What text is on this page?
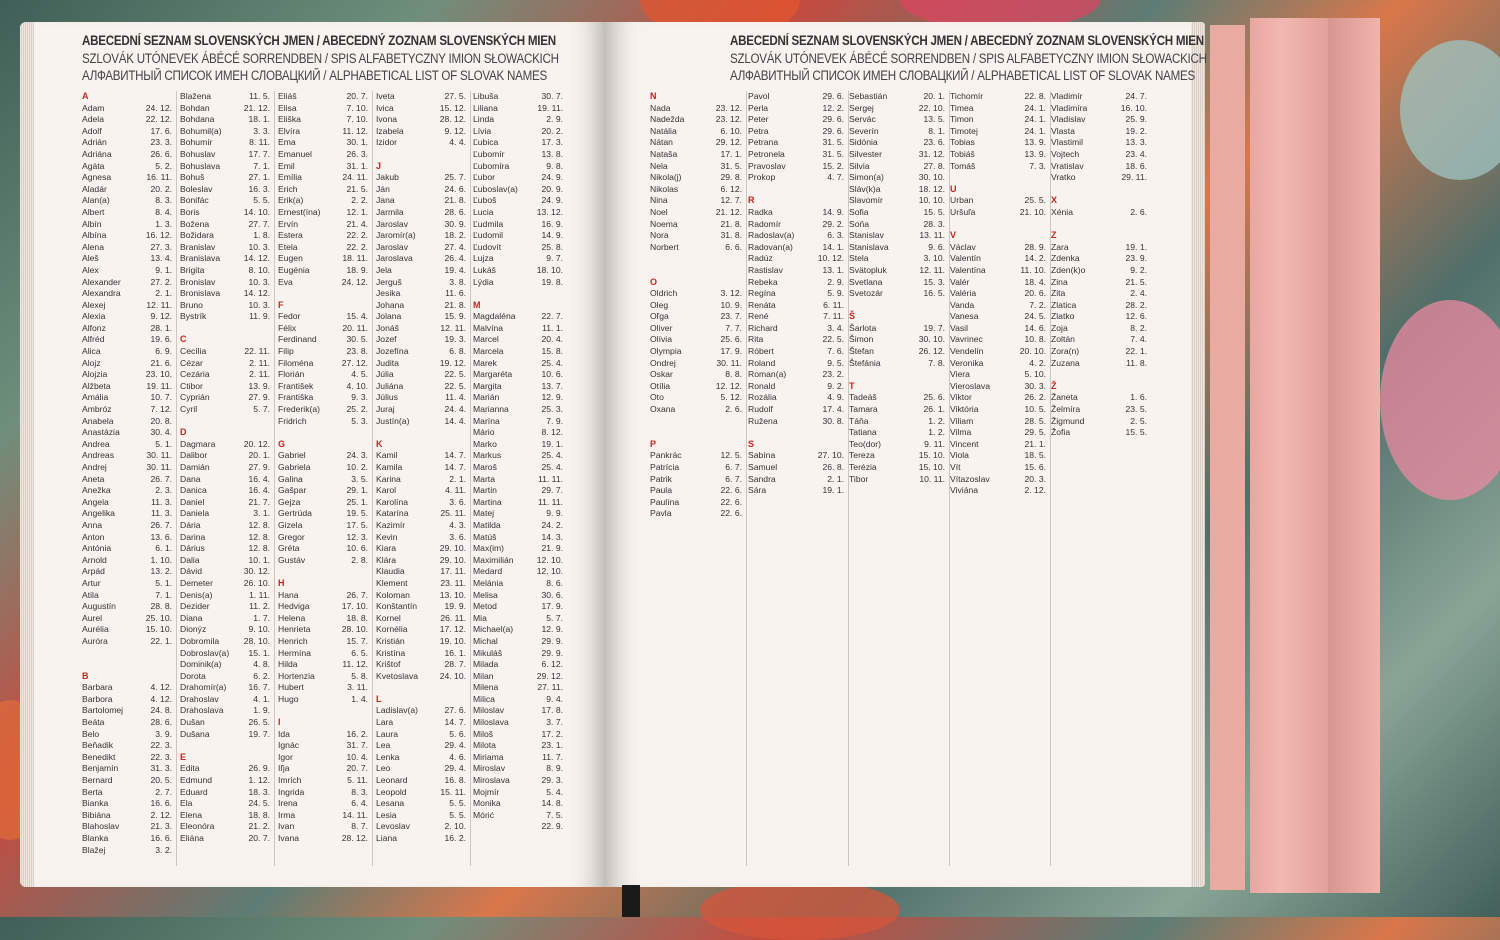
ABECEDNÍ SEZNAM SLOVENSKÝCH JMEN / ABECEDNÝ ZOZNAM SLOVENSKÝCH MIEN
SZLOVÁK UTÓNEVEK ÁBÉCÉ SORRENDBEN / SPIS ALFABETYCZNY IMION SŁOWACKICH
АЛФАВИТНЫЙ СПИСОК ИМЕН СЛОВАЦКИЙ / ALPHABETICAL LIST OF SLOVAK NAMES
ABECEDNÍ SEZNAM SLOVENSKÝCH JMEN / ABECEDNÝ ZOZNAM SLOVENSKÝCH MIEN
SZLOVÁK UTÓNEVEK ÁBÉCÉ SORRENDBEN / SPIS ALFABETYCZNY IMION SŁOWACKICH
АЛФАВИТНЫЙ СПИСОК ИМЕН СЛОВАЦКИЙ / ALPHABETICAL LIST OF SLOVAK NAMES
A
Adam	24. 12.
Adela	22. 12.
Adolf	17. 6.
Adrián	23. 3.
Adriána	26. 6.
Agáta	5. 2.
Agnesa	16. 11.
Aladár	20. 2.
Alan(a)	8. 3.
Albert	8. 4.
Albín	1. 3.
Albína	16. 12.
Alena	27. 3.
Aleš	13. 4.
Alex	9. 1.
Alexander	27. 2.
Alexandra	2. 1.
Alexej	12. 11.
Alexia	9. 12.
Alfonz	28. 1.
Alfréd	19. 6.
Alica	6. 9.
Alojz	21. 6.
Alojzia	23. 10.
Alžbeta	19. 11.
Amália	10. 7.
Ambróz	7. 12.
Anabela	20. 8.
Anastázia	30. 4.
Andrea	5. 1.
Andreas	30. 11.
Andrej	30. 11.
Aneta	26. 7.
Anežka	2. 3.
Angela	11. 3.
Angelika	11. 3.
Anna	26. 7.
Anton	13. 6.
Antónia	6. 1.
Arnold	1. 10.
Arpád	13. 2.
Artur	5. 1.
Atila	7. 1.
Augustín	28. 8.
Aurel	25. 10.
Aurélia	15. 10.
Auróra	22. 1.
B
Barbara	4. 12.
Barbora	4. 12.
Bartolomej	24. 8.
Beáta	28. 6.
Belo	3. 9.
Beňadik	22. 3.
Benedikt	22. 3.
Benjamín	31. 3.
Bernard	20. 5.
Berta	2. 7.
Bianka	16. 6.
Bibiána	2. 12.
Blahoslav	21. 3.
Blanka	16. 6.
Blažej	3. 2.
Blažena	11. 5.
Bohdan	21. 12.
Bohdana	18. 1.
Bohumil(a)	3. 3.
Bohumír	8. 11.
Bohuslav	17. 7.
Bohuslava	7. 1.
Bohuš	27. 1.
Boleslav	16. 3.
Bonifác	5. 5.
Boris	14. 10.
Božena	27. 7.
Božidara	1. 8.
Branislav	10. 3.
Branislava	14. 12.
Brigita	8. 10.
Bronislav	10. 3.
Bronislava	14. 12.
Bruno	10. 3.
Bystrík	11. 9.
C
Cecília	22. 11.
Cézar	2. 11.
Cezária	2. 11.
Ctibor	13. 9.
Cyprián	27. 9.
Cyril	5. 7.
D
Dagmara	20. 12.
Dalibor	20. 1.
Damián	27. 9.
Dana	16. 4.
Danica	16. 4.
Daniel	21. 7.
Daniela	3. 1.
Dária	12. 8.
Darina	12. 8.
Dárius	12. 8.
Dalia	10. 1.
Dávid	30. 12.
Demeter	26. 10.
Denis(a)	1. 11.
Dezider	11. 2.
Diana	1. 7.
Dionýz	9. 10.
Dobromila	28. 10.
Dobroslav(a) 15. 1.
Dominik(a)	4. 8.
Dorota	6. 2.
Drahomír(a)	16. 7.
Drahoslav	4. 1.
Drahoslava	1. 9.
Dušan	26. 5.
Dušana	19. 7.
E
Edita	26. 9.
Edmund	1. 12.
Eduard	18. 3.
Ela	24. 5.
Elena	18. 8.
Eleonóra	21. 2.
Eliána	20. 7.
Eliáš	20. 7.
Elisa	7. 10.
Eliška	7. 10.
Elvíra	11. 12.
Ema	30. 1.
Emanuel	26. 3.
Emil	31. 1.
Emília	24. 11.
Erich	21. 5.
Erik(a)	2. 2.
Ernest(ína)	12. 1.
Ervín	21. 4.
Estera	22. 2.
Etela	22. 2.
Eugen	18. 11.
Eugénia	18. 9.
Eva	24. 12.
F
Fedor	15. 4.
Félix	20. 11.
Ferdinand	30. 5.
Filip	23. 8.
Filoména	27. 12.
Florián	4. 5.
František	4. 10.
Františka	9. 3.
Frederik(a)	25. 2.
Fridrich	5. 3.
G
Gabriel	24. 3.
Gabriela	10. 2.
Galina	3. 5.
Gašpar	29. 1.
Gejza	25. 1.
Gertrúda	19. 5.
Gizela	17. 5.
Gregor	12. 3.
Gréta	10. 6.
Gustáv	2. 8.
H
Hana	26. 7.
Hedviga	17. 10.
Helena	18. 8.
Henrieta	28. 10.
Henrich	15. 7.
Hermína	6. 5.
Hilda	11. 12.
Hortenzia	5. 8.
Hubert	3. 11.
Hugo	1. 4.
I
Ida	16. 2.
Ignác	31. 7.
Igor	10. 4.
Iľja	20. 7.
Imrich	5. 11.
Ingrida	8. 3.
Irena	6. 4.
Irma	14. 11.
Ivan	8. 7.
Ivana	28. 12.
Iveta	27. 5.
Ivica	15. 12.
Ivona	28. 12.
Izabela	9. 12.
Izidor	4. 4.
J
Jakub	25. 7.
Ján	24. 6.
Jana	21. 8.
Jarmila	28. 6.
Jaroslav	30. 9.
Jaromír(a)	18. 2.
Jaroslav	27. 4.
Jaroslava	26. 4.
Jela	19. 4.
Jerguš	3. 8.
Jesika	11. 6.
Johana	21. 8.
Jolana	15. 9.
Jonáš	12. 11.
Jozef	19. 3.
Jozefína	6. 8.
Judita	19. 12.
Júlia	22. 5.
Juliána	22. 5.
Július	11. 4.
Juraj	24. 4.
Justín(a)	14. 4.
K
Kamil	14. 7.
Kamila	14. 7.
Karina	2. 1.
Karol	4. 11.
Karolína	3. 6.
Katarína	25. 11.
Kazimír	4. 3.
Kevin	3. 6.
Kiara	29. 10.
Klára	29. 10.
Klaudia	17. 11.
Klement	23. 11.
Koloman	13. 10.
Konštantín	19. 9.
Kornel	26. 11.
Kornélia	17. 12.
Kristián	19. 10.
Kristína	16. 1.
Krištof	28. 7.
Kvetoslava	24. 10.
L
Ladislav(a)	27. 6.
Lara	14. 7.
Laura	5. 6.
Lea	29. 4.
Lenka	4. 6.
Leo	29. 4.
Leonard	16. 8.
Leopold	15. 11.
Lesana	5. 5.
Lesia	5. 5.
Levoslav	2. 10.
Liana	16. 2.
Libuša	30. 7.
Liliana	19. 11.
Linda	2. 9.
Lívia	20. 2.
Ľubica	17. 3.
Ľubomír	13. 8.
Ľubomíra	9. 8.
Ľubor	24. 9.
Ľuboslav(a)	20. 9.
Ľuboš	24. 9.
Lucia	13. 12.
Ľudmila	16. 9.
Ľudomil	14. 9.
Ľudovít	25. 8.
Lujza	9. 7.
Lukáš	18. 10.
Lýdia	19. 8.
M
Magdaléna	22. 7.
Malvína	11. 1.
Marcel	20. 4.
Marcela	15. 8.
Marek	25. 4.
Margaréta	10. 6.
Margita	13. 7.
Marián	12. 9.
Marianna	25. 3.
Marína	7. 9.
Mário	8. 12.
Marko	19. 1.
Markus	25. 4.
Maroš	25. 4.
Marta	11. 11.
Martin	29. 7.
Martina	11. 11.
Matej	9. 9.
Matilda	24. 2.
Matúš	14. 3.
Max(im)	21. 9.
Maximilián	12. 10.
Medard	12. 10.
Melánia	8. 6.
Melisa	30. 6.
Metod	17. 9.
Mia	5. 7.
Michael(a)	12. 9.
Michal	29. 9.
Mikuláš	29. 9.
Milada	6. 12.
Milan	29. 12.
Milena	27. 11.
Milica	9. 4.
Miloslav	17. 8.
Miloslava	3. 7.
Miloš	17. 2.
Milota	23. 1.
Miriama	11. 7.
Miroslav	8. 9.
Miroslava	29. 3.
Mojmír	5. 4.
Monika	14. 8.
Mórić	7. 5.
22. 9.
N
Nada	23. 12.
Nadežda	23. 12.
Natália	6. 10.
Nátan	29. 12.
Nataša	17. 1.
Nela	31. 5.
Nikola(j)	29. 8.
Nikolas	6. 12.
Nina	12. 7.
Noel	21. 12.
Noema	21. 8.
Nora	31. 8.
Norbert	6. 6.
O
Oldrich	3. 12.
Oleg	10. 9.
Oľga	23. 7.
Oliver	7. 7.
Olívia	25. 6.
Olympia	17. 9.
Ondrej	30. 11.
Oskar	8. 8.
Otília	12. 12.
Oto	5. 12.
Oxana	2. 6.
P
Pankrác	12. 5.
Patrícia	6. 7.
Patrik	6. 7.
Paula	22. 6.
Paulína	22. 6.
Pavla	22. 6.
Pavol	29. 6.
Perla	12. 2.
Peter	29. 6.
Petra	29. 6.
Petrana	31. 5.
Petronela	31. 5.
Pravoslav	15. 2.
Prokop	4. 7.
R
Radka	14. 9.
Radomír	29. 2.
Radoslav(a)	6. 3.
Radovan(a)	14. 1.
Radúz	10. 12.
Rastislav	13. 1.
Rebeka	2. 9.
Regína	5. 9.
Renáta	6. 11.
René	7. 11.
Richard	3. 4.
Rita	22. 5.
Róbert	7. 6.
Roland	9. 5.
Roman(a)	23. 2.
Ronald	9. 2.
Rozália	4. 9.
Rudolf	17. 4.
Ružena	30. 8.
S
Sabína	27. 10.
Samuel	26. 8.
Sandra	2. 1.
Sára	19. 1.
Sebastián	20. 1.
Sergej	22. 10.
Servác	13. 5.
Severín	8. 1.
Sidónia	23. 6.
Silvester	31. 12.
Silvia	27. 8.
Simon(a)	30. 10.
Sláv(k)a	18. 12.
Slavomír	10. 10.
Sofia	15. 5.
Soňa	28. 3.
Stanislav	13. 11.
Stanislava	9. 6.
Stela	3. 10.
Svätopluk	12. 11.
Svetlana	15. 3.
Svetozár	16. 5.
Š
Šarlota	19. 7.
Šimon	30. 10.
Štefan	26. 12.
Štefánia	7. 8.
T
Tadeáš	25. 6.
Tamara	26. 1.
Táňa	1. 2.
Tatiana	1. 2.
Teo(dor)	9. 11.
Tereza	15. 10.
Terézia	15. 10.
Tibor	10. 11.
Tichomír	22. 8.
Timea	24. 1.
Timon	24. 1.
Timotej	24. 1.
Tobias	13. 9.
Tobiáš	13. 9.
Tomáš	7. 3.
U
Urban	25. 5.
Uršuľa	21. 10.
V
Václav	28. 9.
Valentín	14. 2.
Valentína	11. 10.
Valér	18. 4.
Valéria	20. 6.
Vanda	7. 2.
Vanesa	24. 5.
Vasil	14. 6.
Vavrinec	10. 8.
Vendelín	20. 10.
Veronika	4. 2.
Viera	5. 10.
Vieroslava	30. 3.
Viktor	26. 2.
Viktória	10. 5.
Viliam	28. 5.
Vilma	29. 5.
Vincent	21. 1.
Viola	18. 5.
Vít	15. 6.
Vítazoslav	20. 3.
Viviána	2. 12.
Vladimír	24. 7.
Vladimíra	16. 10.
Vladislav	25. 9.
Vlasta	19. 2.
Vlastimil	13. 3.
Vojtech	23. 4.
Vratislav	18. 6.
Vratko	29. 11.
X
Xénia	2. 6.
Z
Zara	19. 1.
Zdenka	23. 9.
Zden(k)o	9. 2.
Zina	21. 5.
Zita	2. 4.
Zlatica	28. 2.
Zlatko	12. 6.
Zoja	8. 2.
Zoltán	7. 4.
Zora(n)	22. 1.
Zuzana	11. 8.
Ž
Žaneta	1. 6.
Želmíra	23. 5.
Žigmund	2. 5.
Žofia	15. 5.
